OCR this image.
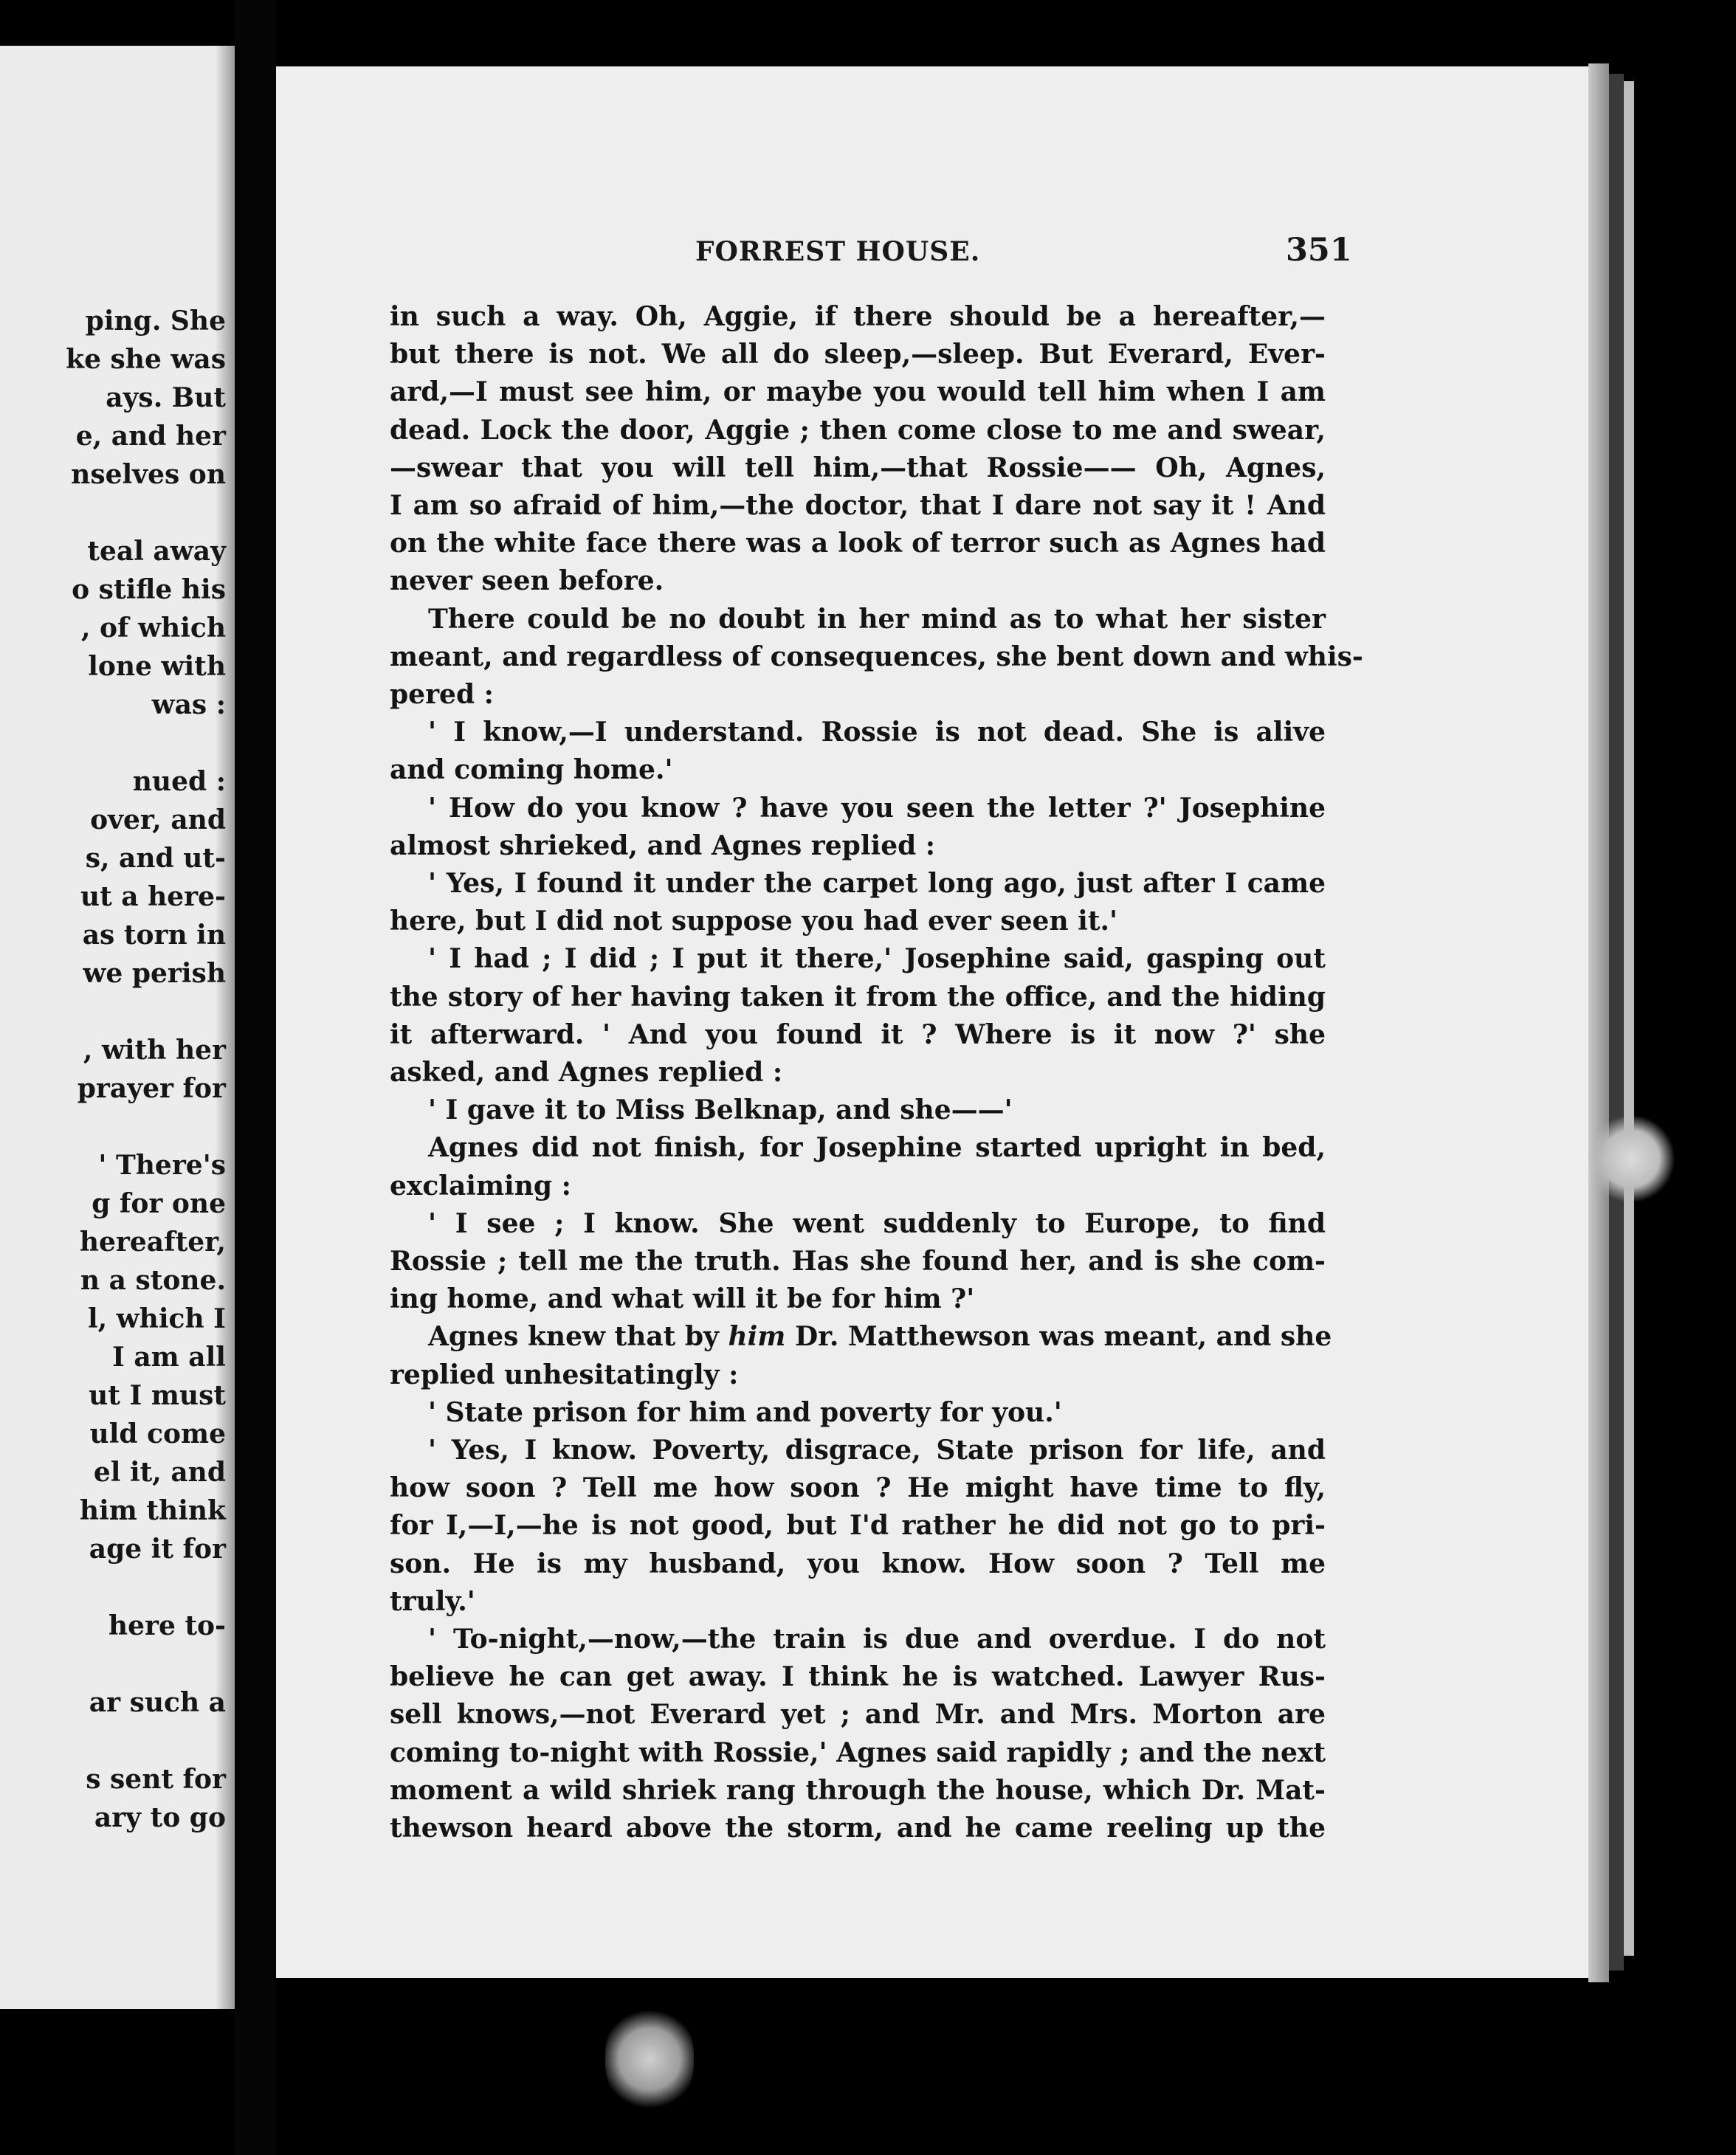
ping. She
ke she was
ays. But
e, and her
nselves on
teal away
o stifle his
, of which
lone with
was :
nued :
over, and
s, and ut-
ut a here-
as torn in
we perish
, with her
prayer for
' There's
g for one
hereafter,
n a stone.
l, which I
I am all
ut I must
uld come
el it, and
him think
age it for
here to-
ar such a
s sent for
ary to go
FORREST HOUSE.	351
in such a way. Oh, Aggie, if there should be a hereafter,—
but there is not. We all do sleep,—sleep. But Everard, Ever-
ard,—I must see him, or maybe you would tell him when I am
dead. Lock the door, Aggie ; then come close to me and swear,
—swear that you will tell him,—that Rossie—— Oh, Agnes,
I am so afraid of him,—the doctor, that I dare not say it ! And
on the white face there was a look of terror such as Agnes had
never seen before.
There could be no doubt in her mind as to what her sister
meant, and regardless of consequences, she bent down and whis-
pered :
' I know,—I understand. Rossie is not dead. She is alive
and coming home.'
' How do you know ? have you seen the letter ?' Josephine
almost shrieked, and Agnes replied :
' Yes, I found it under the carpet long ago, just after I came
here, but I did not suppose you had ever seen it.'
' I had ; I did ; I put it there,' Josephine said, gasping out
the story of her having taken it from the office, and the hiding
it afterward. ' And you found it ? Where is it now ?' she
asked, and Agnes replied :
' I gave it to Miss Belknap, and she——'
Agnes did not finish, for Josephine started upright in bed,
exclaiming :
' I see ; I know. She went suddenly to Europe, to find
Rossie ; tell me the truth. Has she found her, and is she com-
ing home, and what will it be for him ?'
Agnes knew that by him Dr. Matthewson was meant, and she
replied unhesitatingly :
' State prison for him and poverty for you.'
' Yes, I know. Poverty, disgrace, State prison for life, and
how soon ? Tell me how soon ? He might have time to fly,
for I,—I,—he is not good, but I'd rather he did not go to pri-
son. He is my husband, you know. How soon ? Tell me
truly.'
' To-night,—now,—the train is due and overdue. I do not
believe he can get away. I think he is watched. Lawyer Rus-
sell knows,—not Everard yet ; and Mr. and Mrs. Morton are
coming to-night with Rossie,' Agnes said rapidly ; and the next
moment a wild shriek rang through the house, which Dr. Mat-
thewson heard above the storm, and he came reeling up the
